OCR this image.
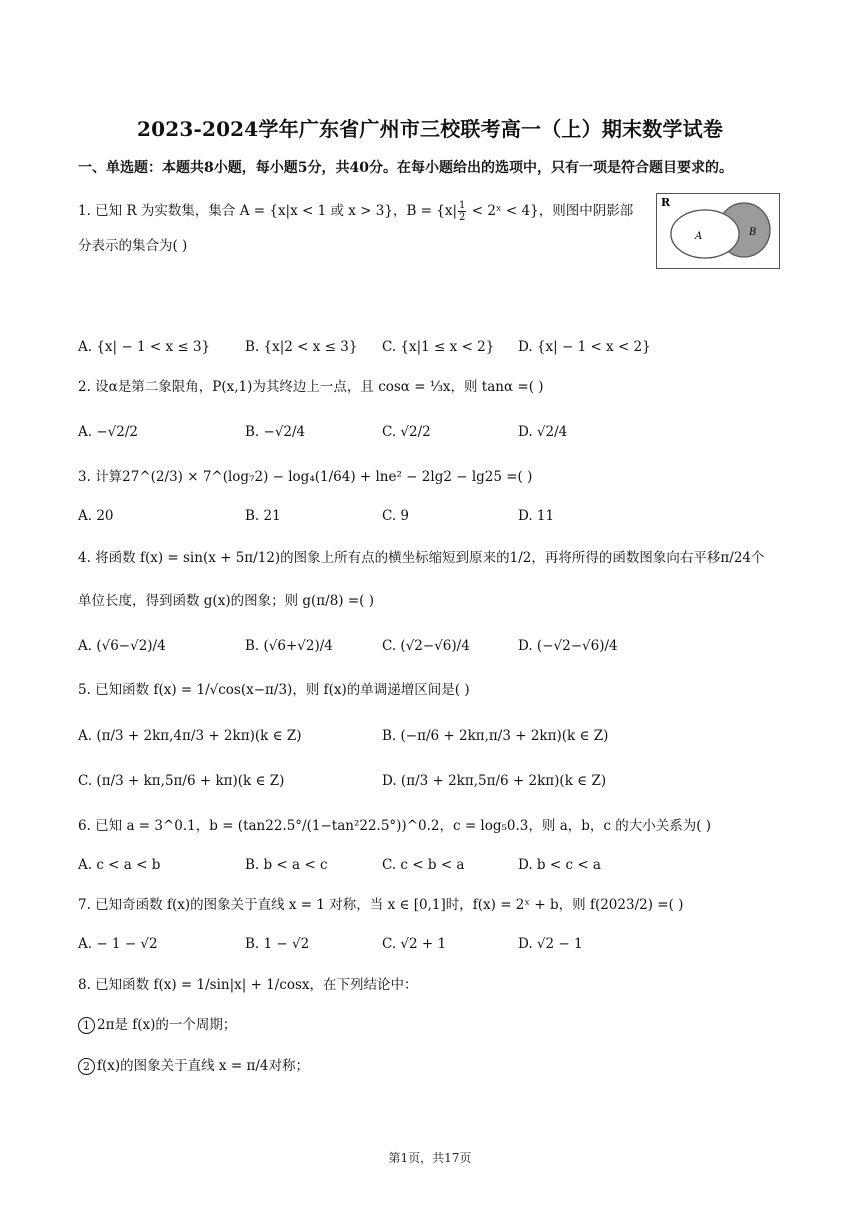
2023-2024学年广东省广州市三校联考高一（上）期末数学试卷
一、单选题：本题共8小题，每小题5分，共40分。在每小题给出的选项中，只有一项是符合题目要求的。
1. 已知 R 为实数集，集合 A = {x|x < 1 或 x > 3}，$B = \{x| \frac{1}{2}$ < 2ˣ < 4}，则图中阴影部
分表示的集合为( )
R
A	B
A. {x| − 1 < x ≤ 3}	B. {x|2 < x ≤ 3} C. {x|1 ≤ x < 2} D. {x| − 1 < x < 2}
2. 设α是第二象限角，P(x,1)为其终边上一点，且 cosα = ⅓x，则 tanα =( )
A. −√2/2	B. −√2/4	C. √2/2	D. √2/4
3. 计算27^(2/3) × 7^(log₇2) − log₄(1/64) + lne² − 2lg2 − lg25 =( )
A. 20	B. 21	C. 9	D. 11
4. 将函数 f(x) = sin(x + 5π/12)的图象上所有点的横坐标缩短到原来的1/2，再将所得的函数图象向右平移π/24个
单位长度，得到函数 g(x)的图象；则 g(π/8) =( )
A. (√6−√2)/4	B. (√6+√2)/4	C. (√2−√6)/4	D. (−√2−√6)/4
5. 已知函数 f(x) = 1/√cos(x−π/3)，则 f(x)的单调递增区间是( )
A. (π/3 + 2kπ,4π/3 + 2kπ)(k ∈ Z)	B. (−π/6 + 2kπ,π/3 + 2kπ)(k ∈ Z)
C. (π/3 + kπ,5π/6 + kπ)(k ∈ Z)	D. (π/3 + 2kπ,5π/6 + 2kπ)(k ∈ Z)
6. 已知 a = 3^0.1，b = (tan22.5°/(1−tan²22.5°))^0.2，c = log₅0.3，则 a，b，c 的大小关系为( )
A. c < a < b	B. b < a < c	C. c < b < a	D. b < c < a
7. 已知奇函数 f(x)的图象关于直线 x = 1 对称，当 x ∈ [0,1]时，f(x) = 2ˣ + b，则 f(2023/2) =( )
A. − 1 − √2	B. 1 − √2	C. √2 + 1	D. √2 − 1
8. 已知函数 f(x) = 1/sin|x| + 1/cosx，在下列结论中：
1 2π是 f(x)的一个周期；
2 f(x)的图象关于直线 x = π/4对称；
第1页，共17页
